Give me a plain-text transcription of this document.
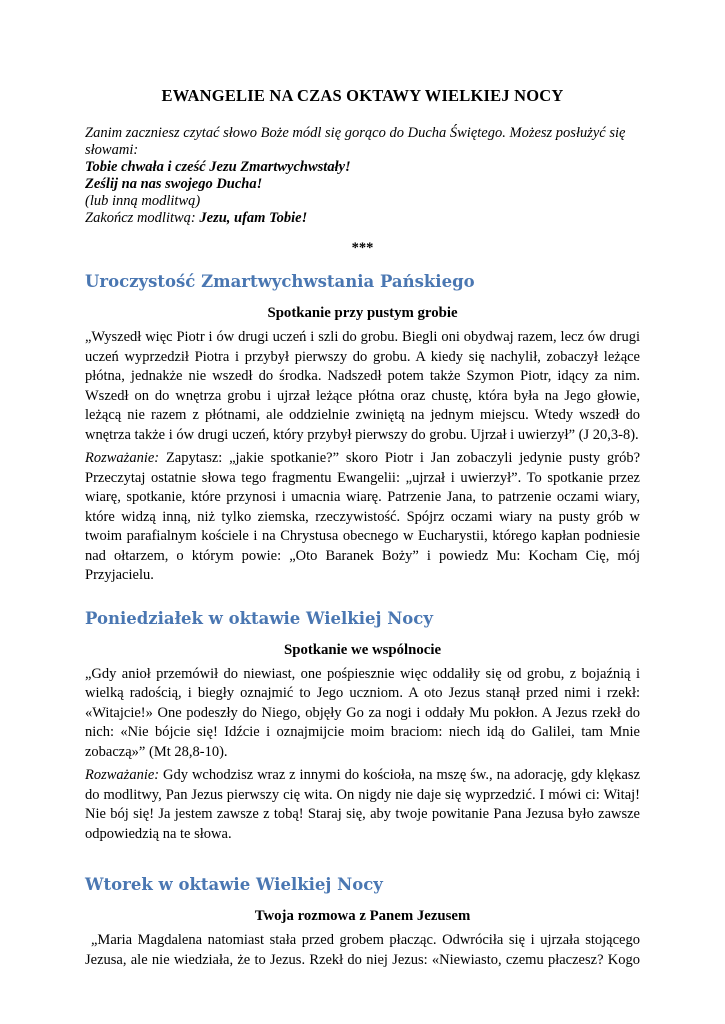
EWANGELIE NA CZAS OKTAWY WIELKIEJ NOCY
Zanim zaczniesz czytać słowo Boże módl się gorąco do Ducha Świętego. Możesz posłużyć się słowami:
Tobie chwała i cześć Jezu Zmartwychwstały!
Ześlij na nas swojego Ducha!
(lub inną modlitwą)
Zakończ modlitwą: Jezu, ufam Tobie!
***
Uroczystość Zmartwychwstania Pańskiego
Spotkanie przy pustym grobie

„Wyszedł więc Piotr i ów drugi uczeń i szli do grobu. Biegli oni obydwaj razem, lecz ów drugi uczeń wyprzedził Piotra i przybył pierwszy do grobu. A kiedy się nachylił, zobaczył leżące płótna, jednakże nie wszedł do środka. Nadszedł potem także Szymon Piotr, idący za nim. Wszedł on do wnętrza grobu i ujrzał leżące płótna oraz chustę, która była na Jego głowie, leżącą nie razem z płótnami, ale oddzielnie zwiniętą na jednym miejscu. Wtedy wszedł do wnętrza także i ów drugi uczeń, który przybył pierwszy do grobu. Ujrzał i uwierzył” (J 20,3-8).

Rozważanie: Zapytasz: „jakie spotkanie?” skoro Piotr i Jan zobaczyli jedynie pusty grób? Przeczytaj ostatnie słowa tego fragmentu Ewangelii: „ujrzał i uwierzył”. To spotkanie przez wiarę, spotkanie, które przynosi i umacnia wiarę. Patrzenie Jana, to patrzenie oczami wiary, które widzą inną, niż tylko ziemska, rzeczywistość. Spójrz oczami wiary na pusty grób w twoim parafialnym kościele i na Chrystusa obecnego w Eucharystii, którego kapłan podniesie nad ołtarzem, o którym powie: „Oto Baranek Boży” i powiedz Mu: Kocham Cię, mój Przyjacielu.

Poniedziałek w oktawie Wielkiej Nocy
Spotkanie we wspólnocie

„Gdy anioł przemówił do niewiast, one pośpiesznie więc oddaliły się od grobu, z bojaźnią i wielką radością, i biegły oznajmić to Jego uczniom. A oto Jezus stanął przed nimi i rzekł: «Witajcie!» One podeszły do Niego, objęły Go za nogi i oddały Mu pokłon. A Jezus rzekł do nich: «Nie bójcie się! Idźcie i oznajmijcie moim braciom: niech idą do Galilei, tam Mnie zobaczą»” (Mt 28,8-10).

Rozważanie: Gdy wchodzisz wraz z innymi do kościoła, na mszę św., na adorację, gdy klękasz do modlitwy, Pan Jezus pierwszy cię wita. On nigdy nie daje się wyprzedzić. I mówi ci: Witaj! Nie bój się! Ja jestem zawsze z tobą! Staraj się, aby twoje powitanie Pana Jezusa było zawsze odpowiedzią na te słowa.

Wtorek w oktawie Wielkiej Nocy
Twoja rozmowa z Panem Jezusem

„Maria Magdalena natomiast stała przed grobem płacząc. Odwróciła się i ujrzała stojącego Jezusa, ale nie wiedziała, że to Jezus. Rzekł do niej Jezus: «Niewiasto, czemu płaczesz? Kogo
